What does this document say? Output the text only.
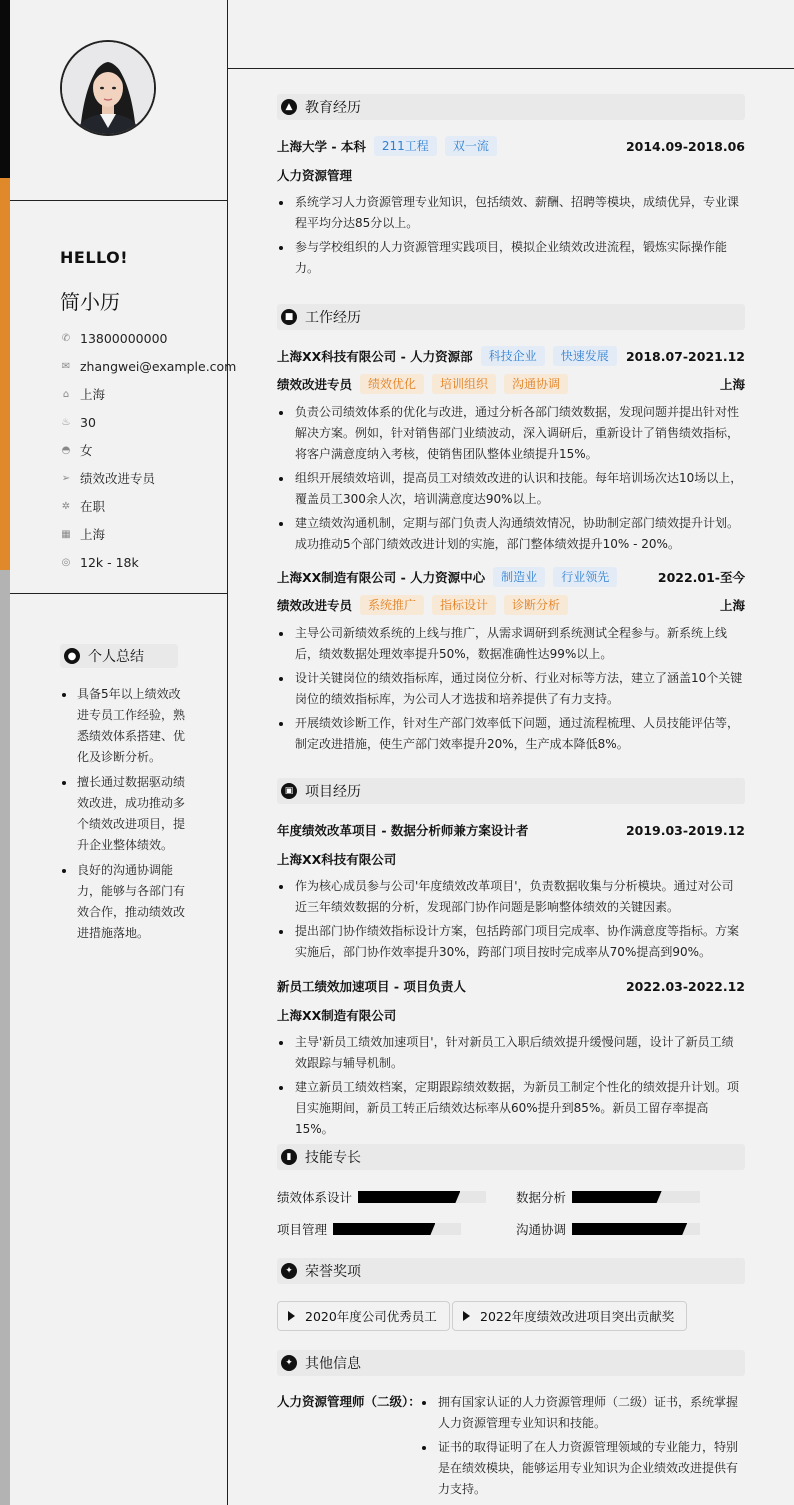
HELLO!
简小历
✆ 13800000000
✉ zhangwei@example.com
⌂ 上海
♨ 30
◓ 女
➢ 绩效改进专员
✲ 在职
▦ 上海
◎ 12k - 18k
● 个人总结
具备5年以上绩效改进专员工作经验，熟悉绩效体系搭建、优化及诊断分析。
擅长通过数据驱动绩效改进，成功推动多个绩效改进项目，提升企业整体绩效。
良好的沟通协调能力，能够与各部门有效合作，推动绩效改进措施落地。
▲ 教育经历
上海大学 - 本科	211工程	双一流	2014.09-2018.06
人力资源管理
系统学习人力资源管理专业知识，包括绩效、薪酬、招聘等模块，成绩优异，专业课程平均分达85分以上。
参与学校组织的人力资源管理实践项目，模拟企业绩效改进流程，锻炼实际操作能力。
■ 工作经历
上海XX科技有限公司 - 人力资源部	科技企业	快速发展	2018.07-2021.12
绩效改进专员	绩效优化	培训组织	沟通协调	上海
负责公司绩效体系的优化与改进，通过分析各部门绩效数据，发现问题并提出针对性解决方案。例如，针对销售部门业绩波动，深入调研后，重新设计了销售绩效指标，将客户满意度纳入考核，使销售团队整体业绩提升15%。
组织开展绩效培训，提高员工对绩效改进的认识和技能。每年培训场次达10场以上，覆盖员工300余人次，培训满意度达90%以上。
建立绩效沟通机制，定期与部门负责人沟通绩效情况，协助制定部门绩效提升计划。成功推动5个部门绩效改进计划的实施，部门整体绩效提升10% - 20%。
上海XX制造有限公司 - 人力资源中心	制造业	行业领先	2022.01-至今
绩效改进专员	系统推广	指标设计	诊断分析	上海
主导公司新绩效系统的上线与推广，从需求调研到系统测试全程参与。新系统上线后，绩效数据处理效率提升50%，数据准确性达99%以上。
设计关键岗位的绩效指标库，通过岗位分析、行业对标等方法，建立了涵盖10个关键岗位的绩效指标库，为公司人才选拔和培养提供了有力支持。
开展绩效诊断工作，针对生产部门效率低下问题，通过流程梳理、人员技能评估等，制定改进措施，使生产部门效率提升20%，生产成本降低8%。
▣ 项目经历
年度绩效改革项目 - 数据分析师兼方案设计者	2019.03-2019.12
上海XX科技有限公司
作为核心成员参与公司'年度绩效改革项目'，负责数据收集与分析模块。通过对公司近三年绩效数据的分析，发现部门协作问题是影响整体绩效的关键因素。
提出部门协作绩效指标设计方案，包括跨部门项目完成率、协作满意度等指标。方案实施后，部门协作效率提升30%，跨部门项目按时完成率从70%提高到90%。
新员工绩效加速项目 - 项目负责人	2022.03-2022.12
上海XX制造有限公司
主导'新员工绩效加速项目'，针对新员工入职后绩效提升缓慢问题，设计了新员工绩效跟踪与辅导机制。
建立新员工绩效档案，定期跟踪绩效数据，为新员工制定个性化的绩效提升计划。项目实施期间，新员工转正后绩效达标率从60%提升到85%。新员工留存率提高15%。
▮ 技能专长
绩效体系设计	数据分析
项目管理	沟通协调
✦ 荣誉奖项
2020年度公司优秀员工	2022年度绩效改进项目突出贡献奖
✦ 其他信息
人力资源管理师（二级）：	拥有国家认证的人力资源管理师（二级）证书，系统掌握人力资源管理专业知识和技能。
证书的取得证明了在人力资源管理领域的专业能力，特别是在绩效模块，能够运用专业知识为企业绩效改进提供有力支持。
